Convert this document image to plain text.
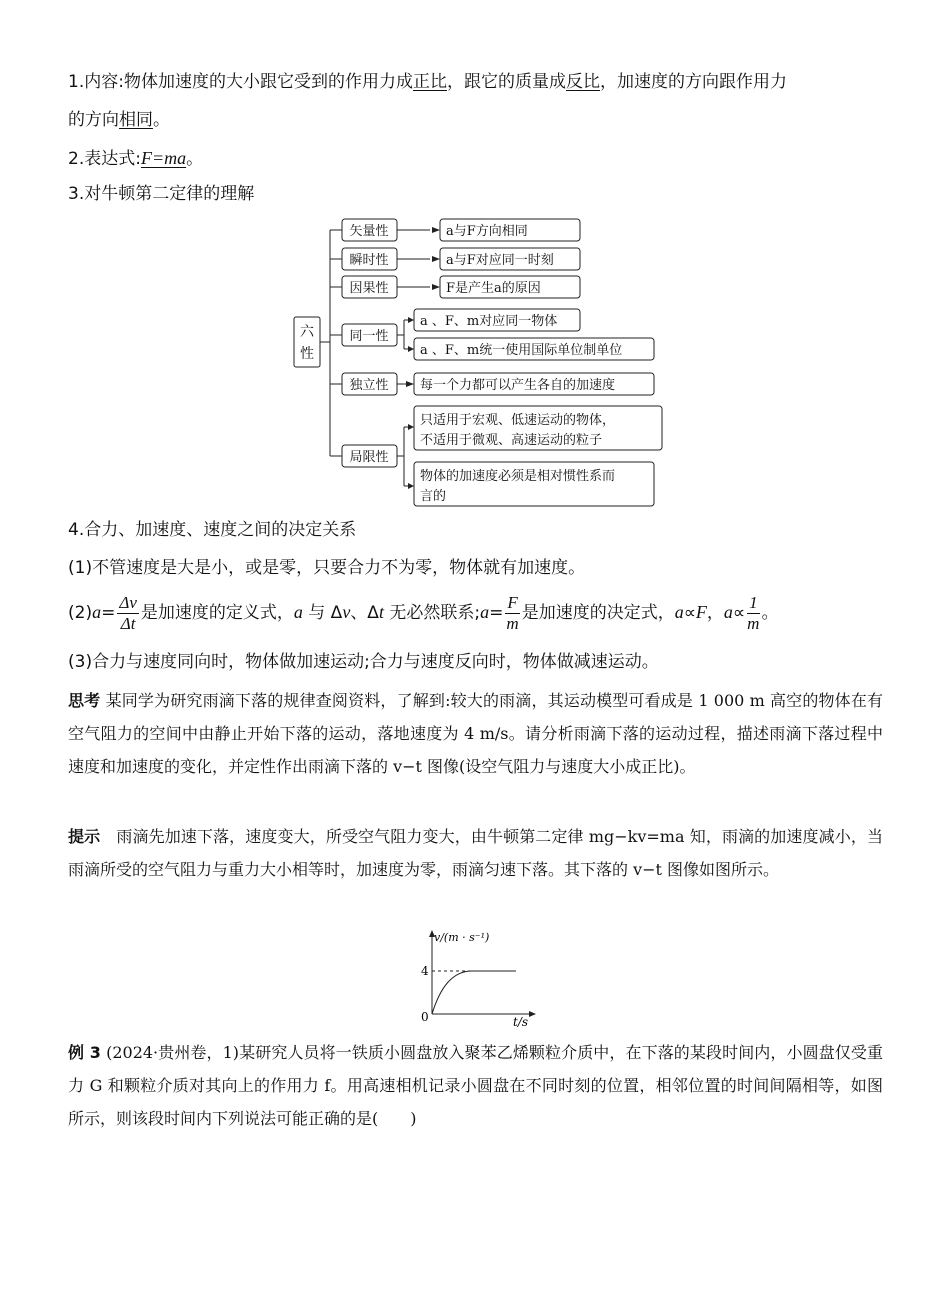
1.内容:物体加速度的大小跟它受到的作用力成正比，跟它的质量成反比，加速度的方向跟作用力
的方向相同。
2.表达式:F=ma。
3.对牛顿第二定律的理解
六
性
矢量性
瞬时性
因果性
同一性
独立性
局限性
a与F方向相同
a与F对应同一时刻
F是产生a的原因
a 、F、m对应同一物体
a 、F、m统一使用国际单位制单位
每一个力都可以产生各自的加速度
只适用于宏观、低速运动的物体，
不适用于微观、高速运动的粒子
物体的加速度必须是相对惯性系而
言的
4.合力、加速度、速度之间的决定关系
(1)不管速度是大是小，或是零，只要合力不为零，物体就有加速度。
$(2)a= \frac{\Delta v}{\Delta t}$ 是加速度的定义式，a 与 Δv、Δt 无必然联系;a= $\frac{F}{m}$ 是加速度的决定式，a∝F，$a\propto \frac{1}{m}$ 。
(3)合力与速度同向时，物体做加速运动;合力与速度反向时，物体做减速运动。
思考 某同学为研究雨滴下落的规律查阅资料，了解到:较大的雨滴，其运动模型可看成是 1 000 m 高空的物体在有空气阻力的空间中由静止开始下落的运动，落地速度为 4 m/s。请分析雨滴下落的运动过程，描述雨滴下落过程中速度和加速度的变化，并定性作出雨滴下落的 v−t 图像(设空气阻力与速度大小成正比)。
提示　雨滴先加速下落，速度变大，所受空气阻力变大，由牛顿第二定律 mg−kv=ma 知，雨滴的加速度减小，当雨滴所受的空气阻力与重力大小相等时，加速度为零，雨滴匀速下落。其下落的 v−t 图像如图所示。
v/(m · s⁻¹)
t/s
4
0
例 3 (2024·贵州卷，1)某研究人员将一铁质小圆盘放入聚苯乙烯颗粒介质中，在下落的某段时间内，小圆盘仅受重力 G 和颗粒介质对其向上的作用力 f。用高速相机记录小圆盘在不同时刻的位置，相邻位置的时间间隔相等，如图所示，则该段时间内下列说法可能正确的是(　　)
